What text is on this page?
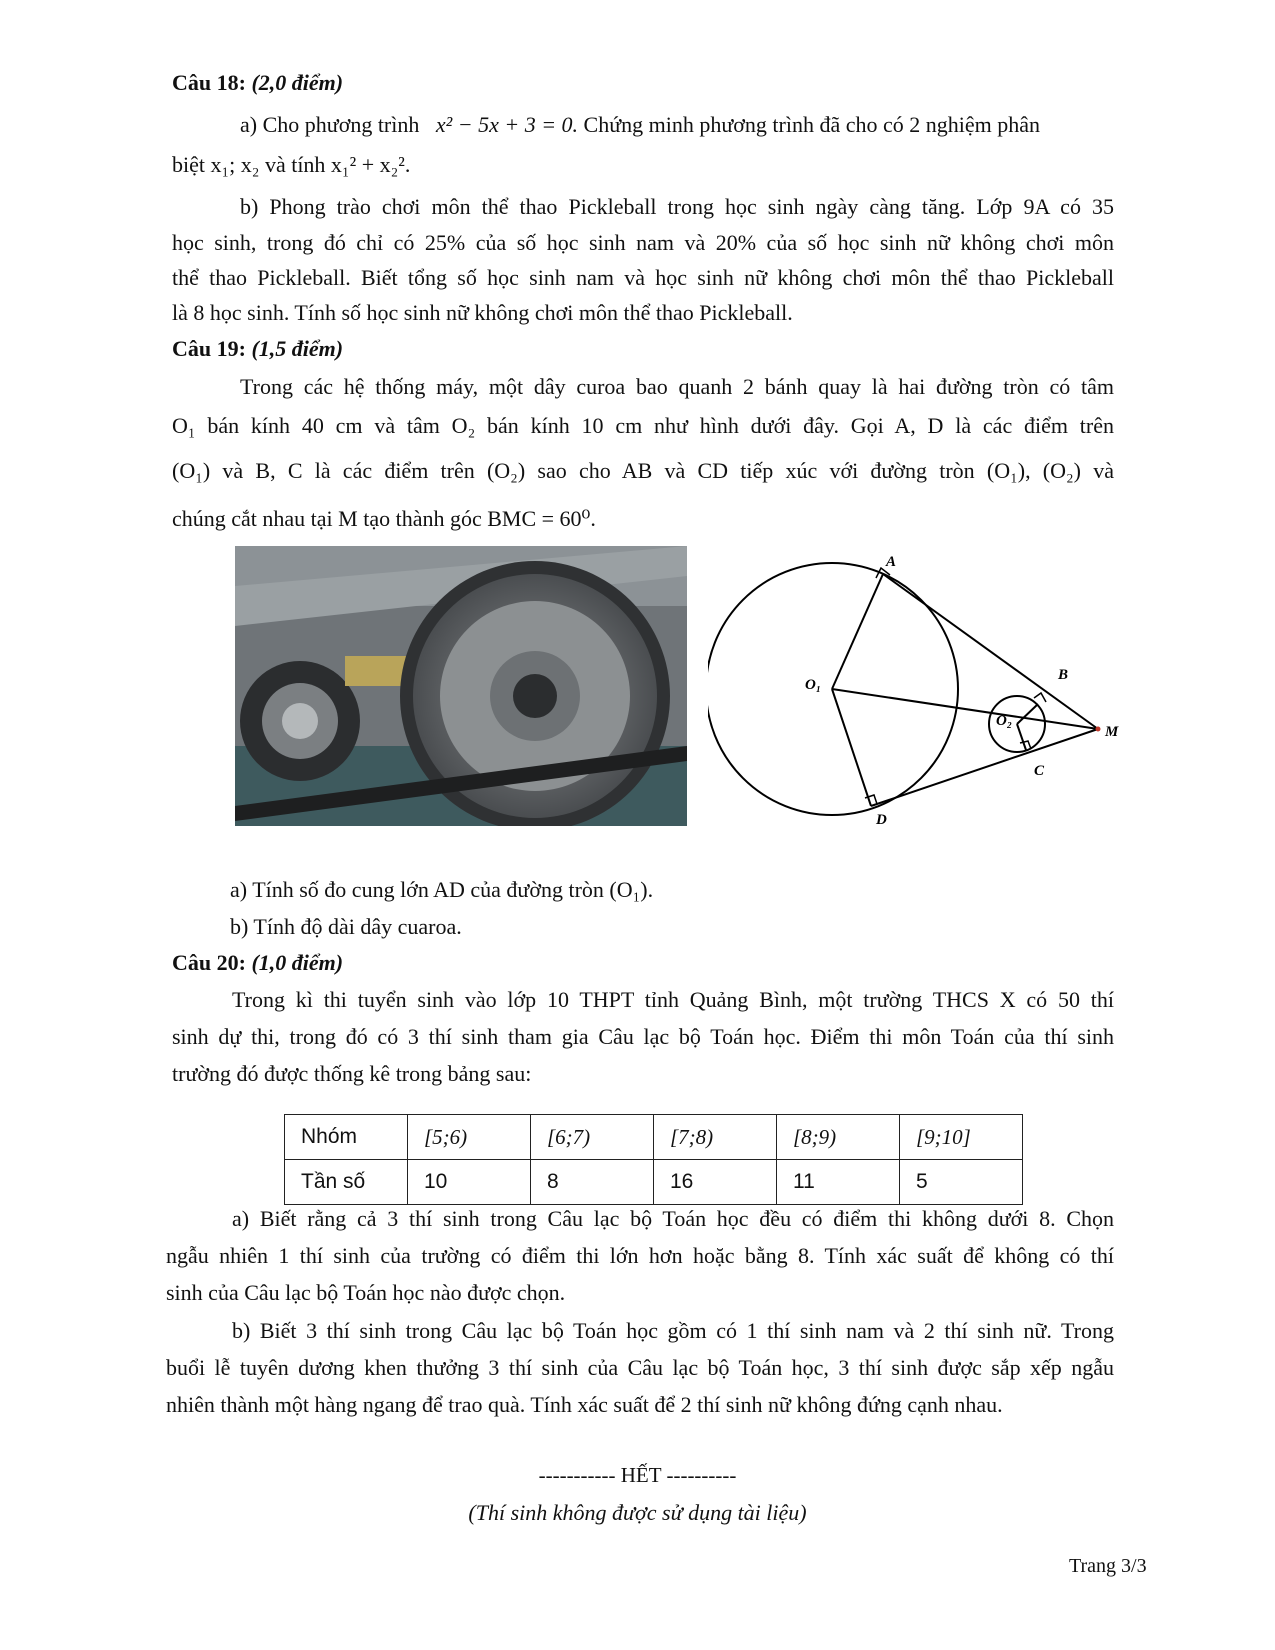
Câu 18: (2,0 điểm)
a) Cho phương trình x² − 5x + 3 = 0. Chứng minh phương trình đã cho có 2 nghiệm phân
biệt x₁; x₂ và tính x₁² + x₂².
b) Phong trào chơi môn thể thao Pickleball trong học sinh ngày càng tăng. Lớp 9A có 35
học sinh, trong đó chỉ có 25% của số học sinh nam và 20% của số học sinh nữ không chơi môn
thể thao Pickleball. Biết tổng số học sinh nam và học sinh nữ không chơi môn thể thao Pickleball
là 8 học sinh. Tính số học sinh nữ không chơi môn thể thao Pickleball.
Câu 19: (1,5 điểm)
Trong các hệ thống máy, một dây curoa bao quanh 2 bánh quay là hai đường tròn có tâm
O₁ bán kính 40 cm và tâm O₂ bán kính 10 cm như hình dưới đây. Gọi A, D là các điểm trên
(O₁) và B, C là các điểm trên (O₂) sao cho AB và CD tiếp xúc với đường tròn (O₁), (O₂) và
chúng cắt nhau tại M tạo thành góc BMC = 60⁰.
A
B
C
D
M
O₁
O₂
a) Tính số đo cung lớn AD của đường tròn (O₁).
b) Tính độ dài dây cuaroa.
Câu 20: (1,0 điểm)
Trong kì thi tuyển sinh vào lớp 10 THPT tỉnh Quảng Bình, một trường THCS X có 50 thí
sinh dự thi, trong đó có 3 thí sinh tham gia Câu lạc bộ Toán học. Điểm thi môn Toán của thí sinh
trường đó được thống kê trong bảng sau:
Nhóm	[5;6)	[6;7)	[7;8)	[8;9)	[9;10]
Tần số	10	8	16	11	5
a) Biết rằng cả 3 thí sinh trong Câu lạc bộ Toán học đều có điểm thi không dưới 8. Chọn
ngẫu nhiên 1 thí sinh của trường có điểm thi lớn hơn hoặc bằng 8. Tính xác suất để không có thí
sinh của Câu lạc bộ Toán học nào được chọn.
b) Biết 3 thí sinh trong Câu lạc bộ Toán học gồm có 1 thí sinh nam và 2 thí sinh nữ. Trong
buổi lễ tuyên dương khen thưởng 3 thí sinh của Câu lạc bộ Toán học, 3 thí sinh được sắp xếp ngẫu
nhiên thành một hàng ngang để trao quà. Tính xác suất để 2 thí sinh nữ không đứng cạnh nhau.
----------- HẾT ----------
(Thí sinh không được sử dụng tài liệu)
Trang 3/3
